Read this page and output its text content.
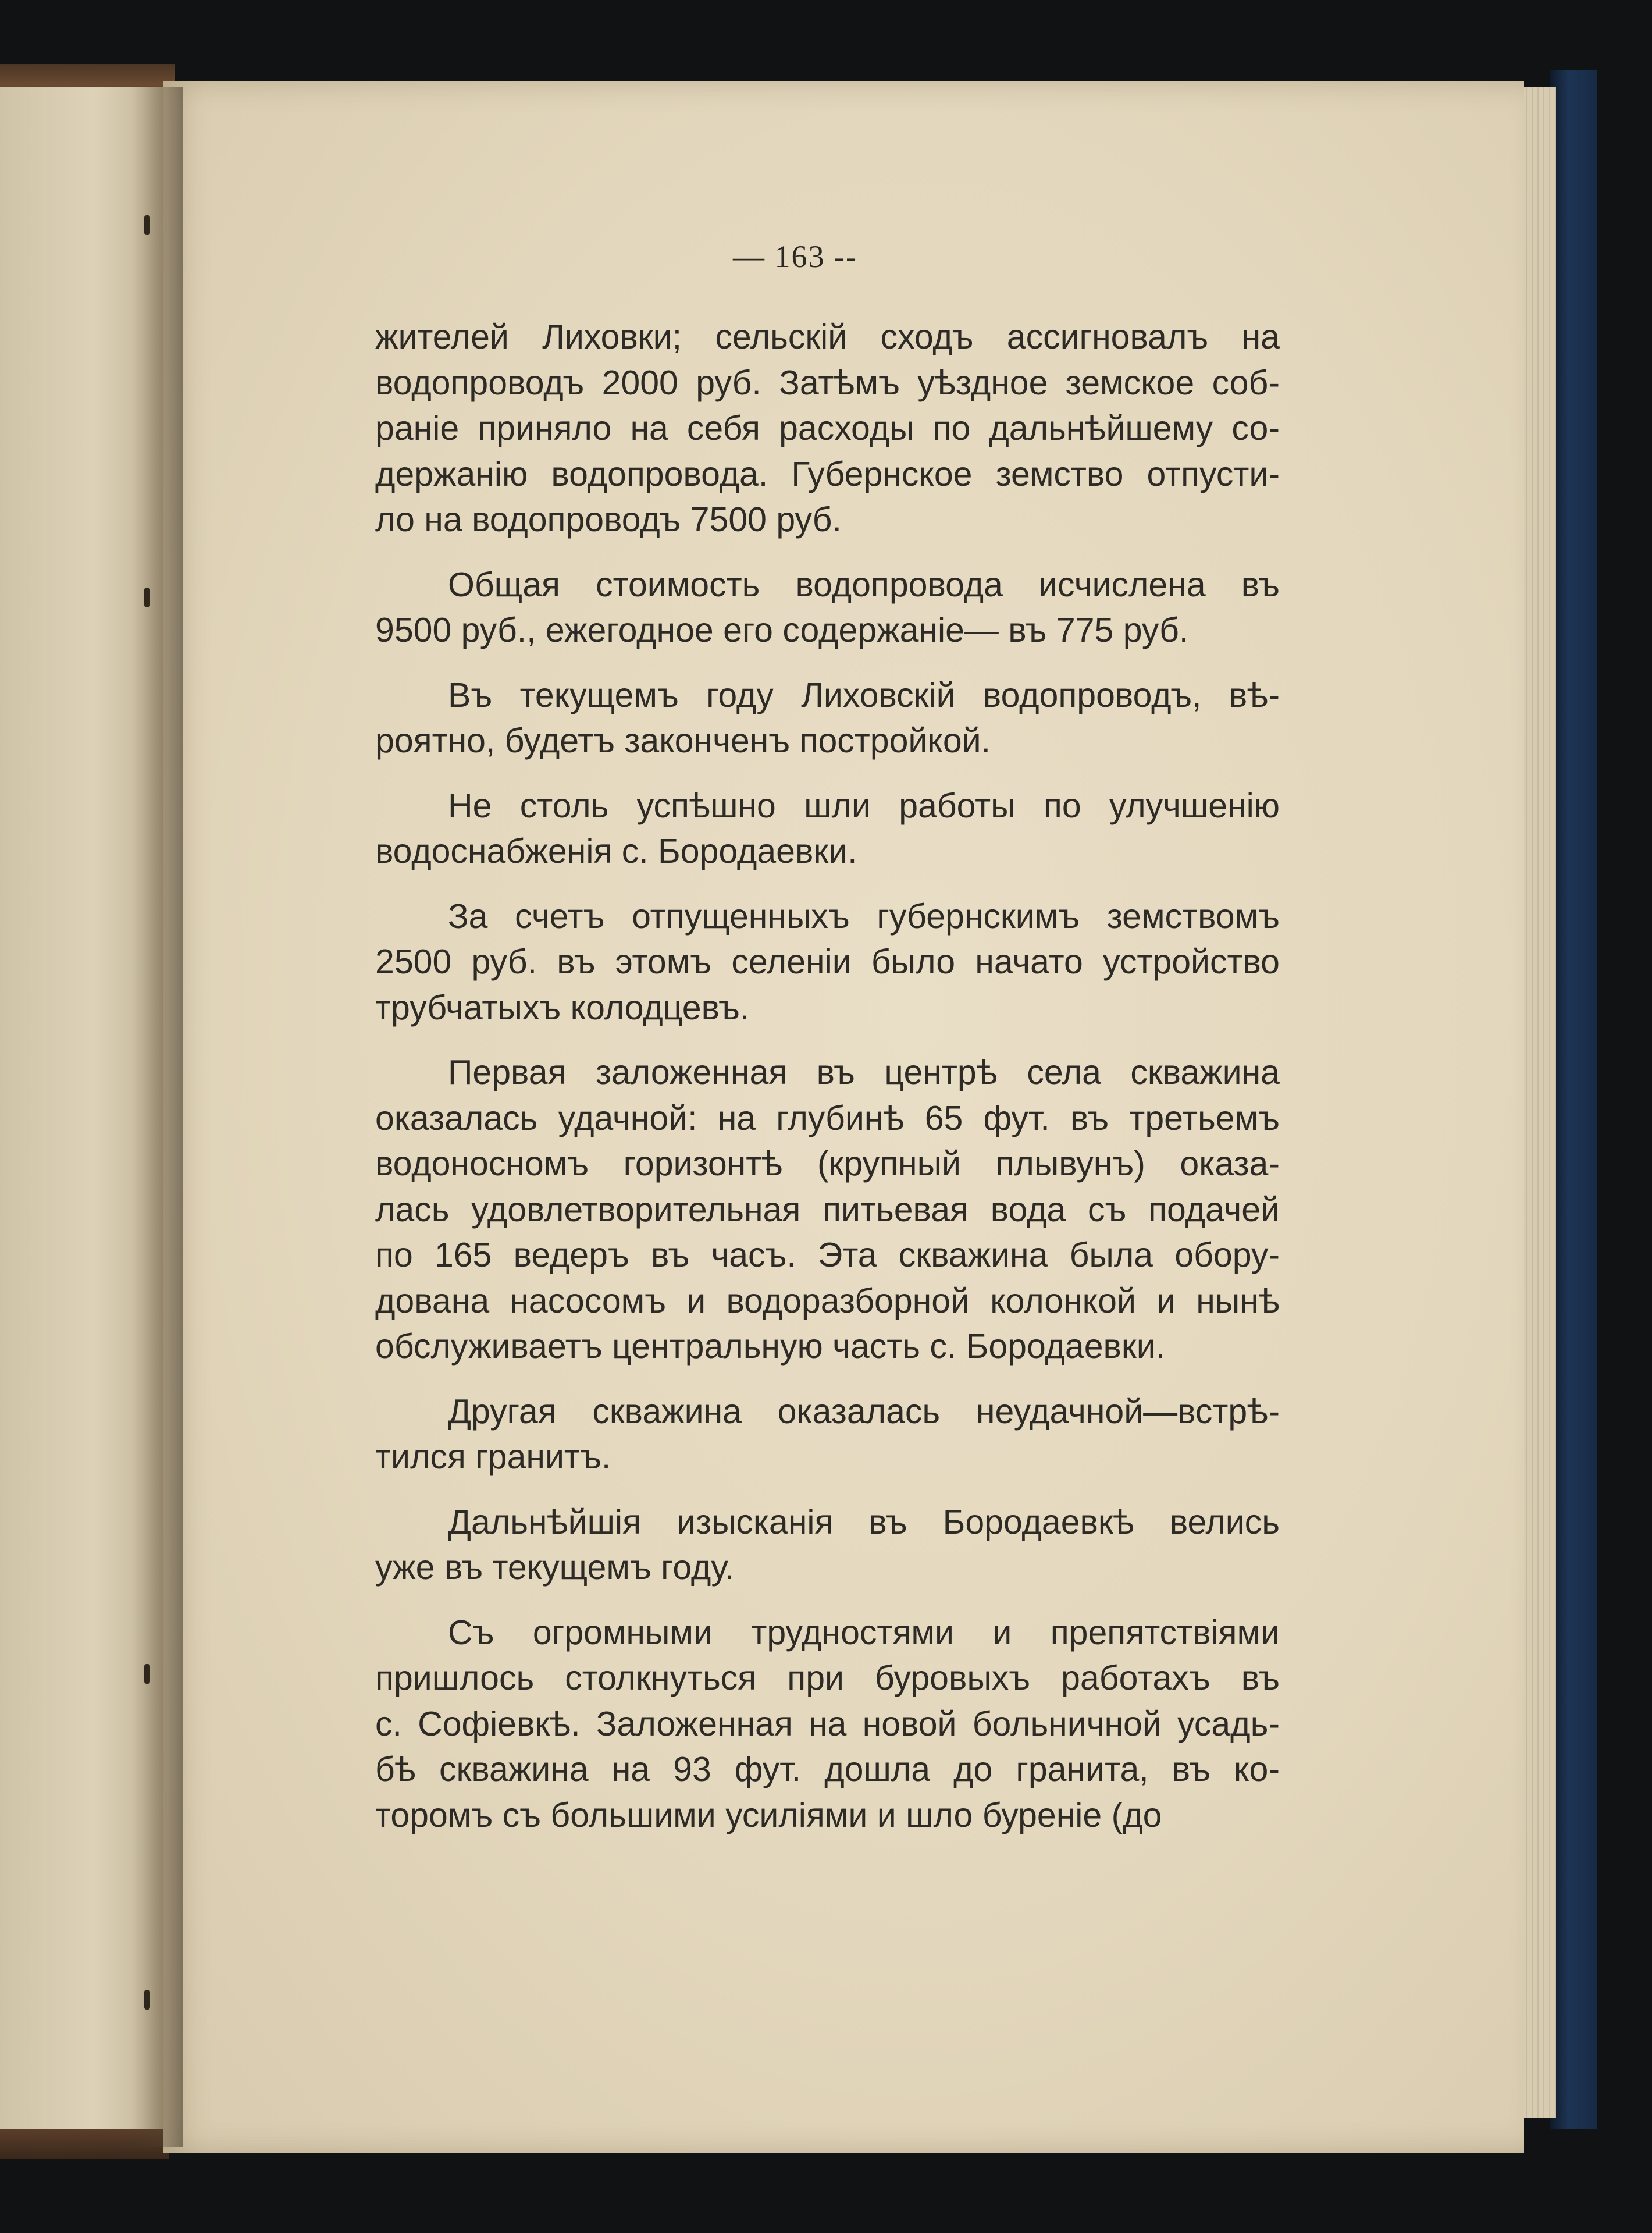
— 163 --
жителей Лиховки; сельскій сходъ ассигновалъ на
водопроводъ 2000 руб. Затѣмъ уѣздное земское соб-
раніе приняло на себя расходы по дальнѣйшему со-
держанію водопровода. Губернское земство отпусти-
ло на водопроводъ 7500 руб.
Общая стоимость водопровода исчислена въ
9500 руб., ежегодное его содержаніе— въ 775 руб.
Въ текущемъ году Лиховскій водопроводъ, вѣ-
роятно, будетъ законченъ постройкой.
Не столь успѣшно шли работы по улучшенію
водоснабженія с. Бородаевки.
За счетъ отпущенныхъ губернскимъ земствомъ
2500 руб. въ этомъ селеніи было начато устройство
трубчатыхъ колодцевъ.
Первая заложенная въ центрѣ села скважина
оказалась удачной: на глубинѣ 65 фут. въ третьемъ
водоносномъ горизонтѣ (крупный плывунъ) оказа-
лась удовлетворительная питьевая вода съ подачей
по 165 ведеръ въ часъ. Эта скважина была обору-
дована насосомъ и водоразборной колонкой и нынѣ
обслуживаетъ центральную часть с. Бородаевки.
Другая скважина оказалась неудачной—встрѣ-
тился гранитъ.
Дальнѣйшія изысканія въ Бородаевкѣ велись
уже въ текущемъ году.
Съ огромными трудностями и препятствіями
пришлось столкнуться при буровыхъ работахъ въ
с. Софіевкѣ. Заложенная на новой больничной усадь-
бѣ скважина на 93 фут. дошла до гранита, въ ко-
торомъ съ большими усиліями и шло буреніе (до
